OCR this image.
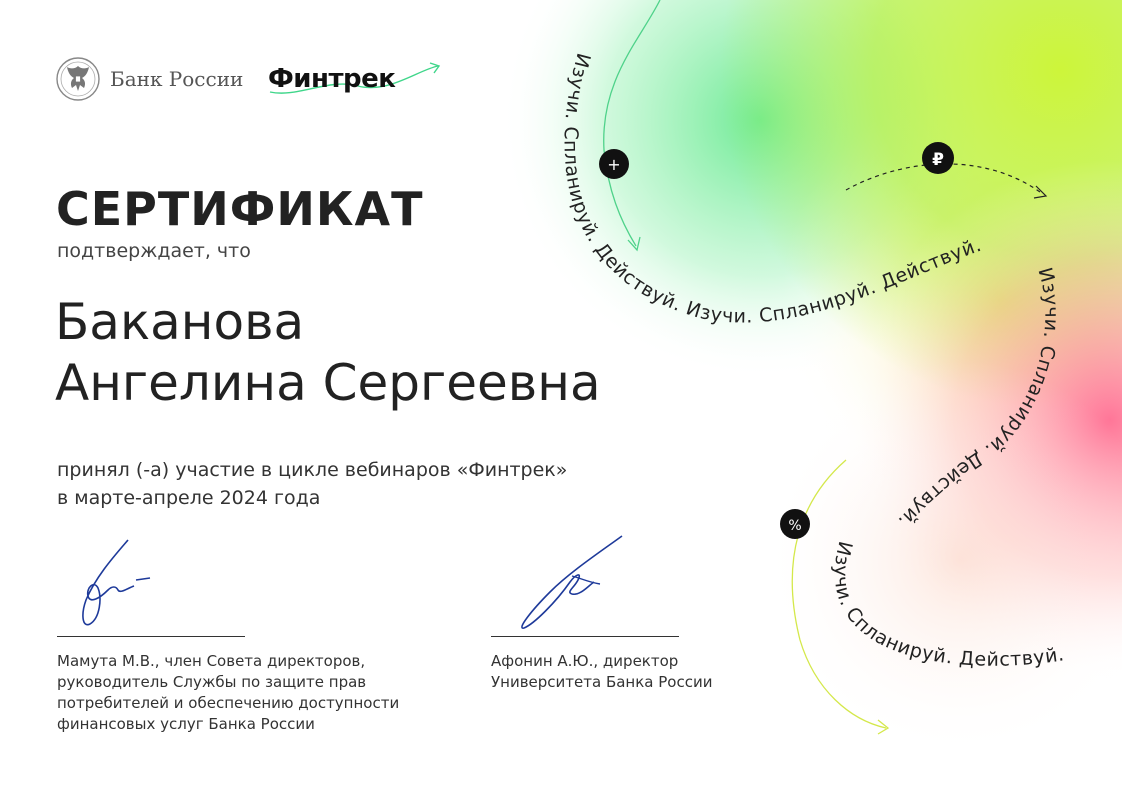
Изучи. Спланируй. Действуй. Изучи. Спланируй. Действуй.
Изучи. Спланируй. Действуй.
Изучи. Спланируй. Действуй.
+	₽
%
Банк России Финтрек
СЕРТИФИКАТ
подтверждает, что
Баканова
Ангелина Сергеевна
принял (-а) участие в цикле вебинаров «Финтрек»
в марте-апреле 2024 года
Мамута М.В., член Совета директоров,
руководитель Службы по защите прав
потребителей и обеспечению доступности
финансовых услуг Банка России
Афонин А.Ю., директор
Университета Банка России
